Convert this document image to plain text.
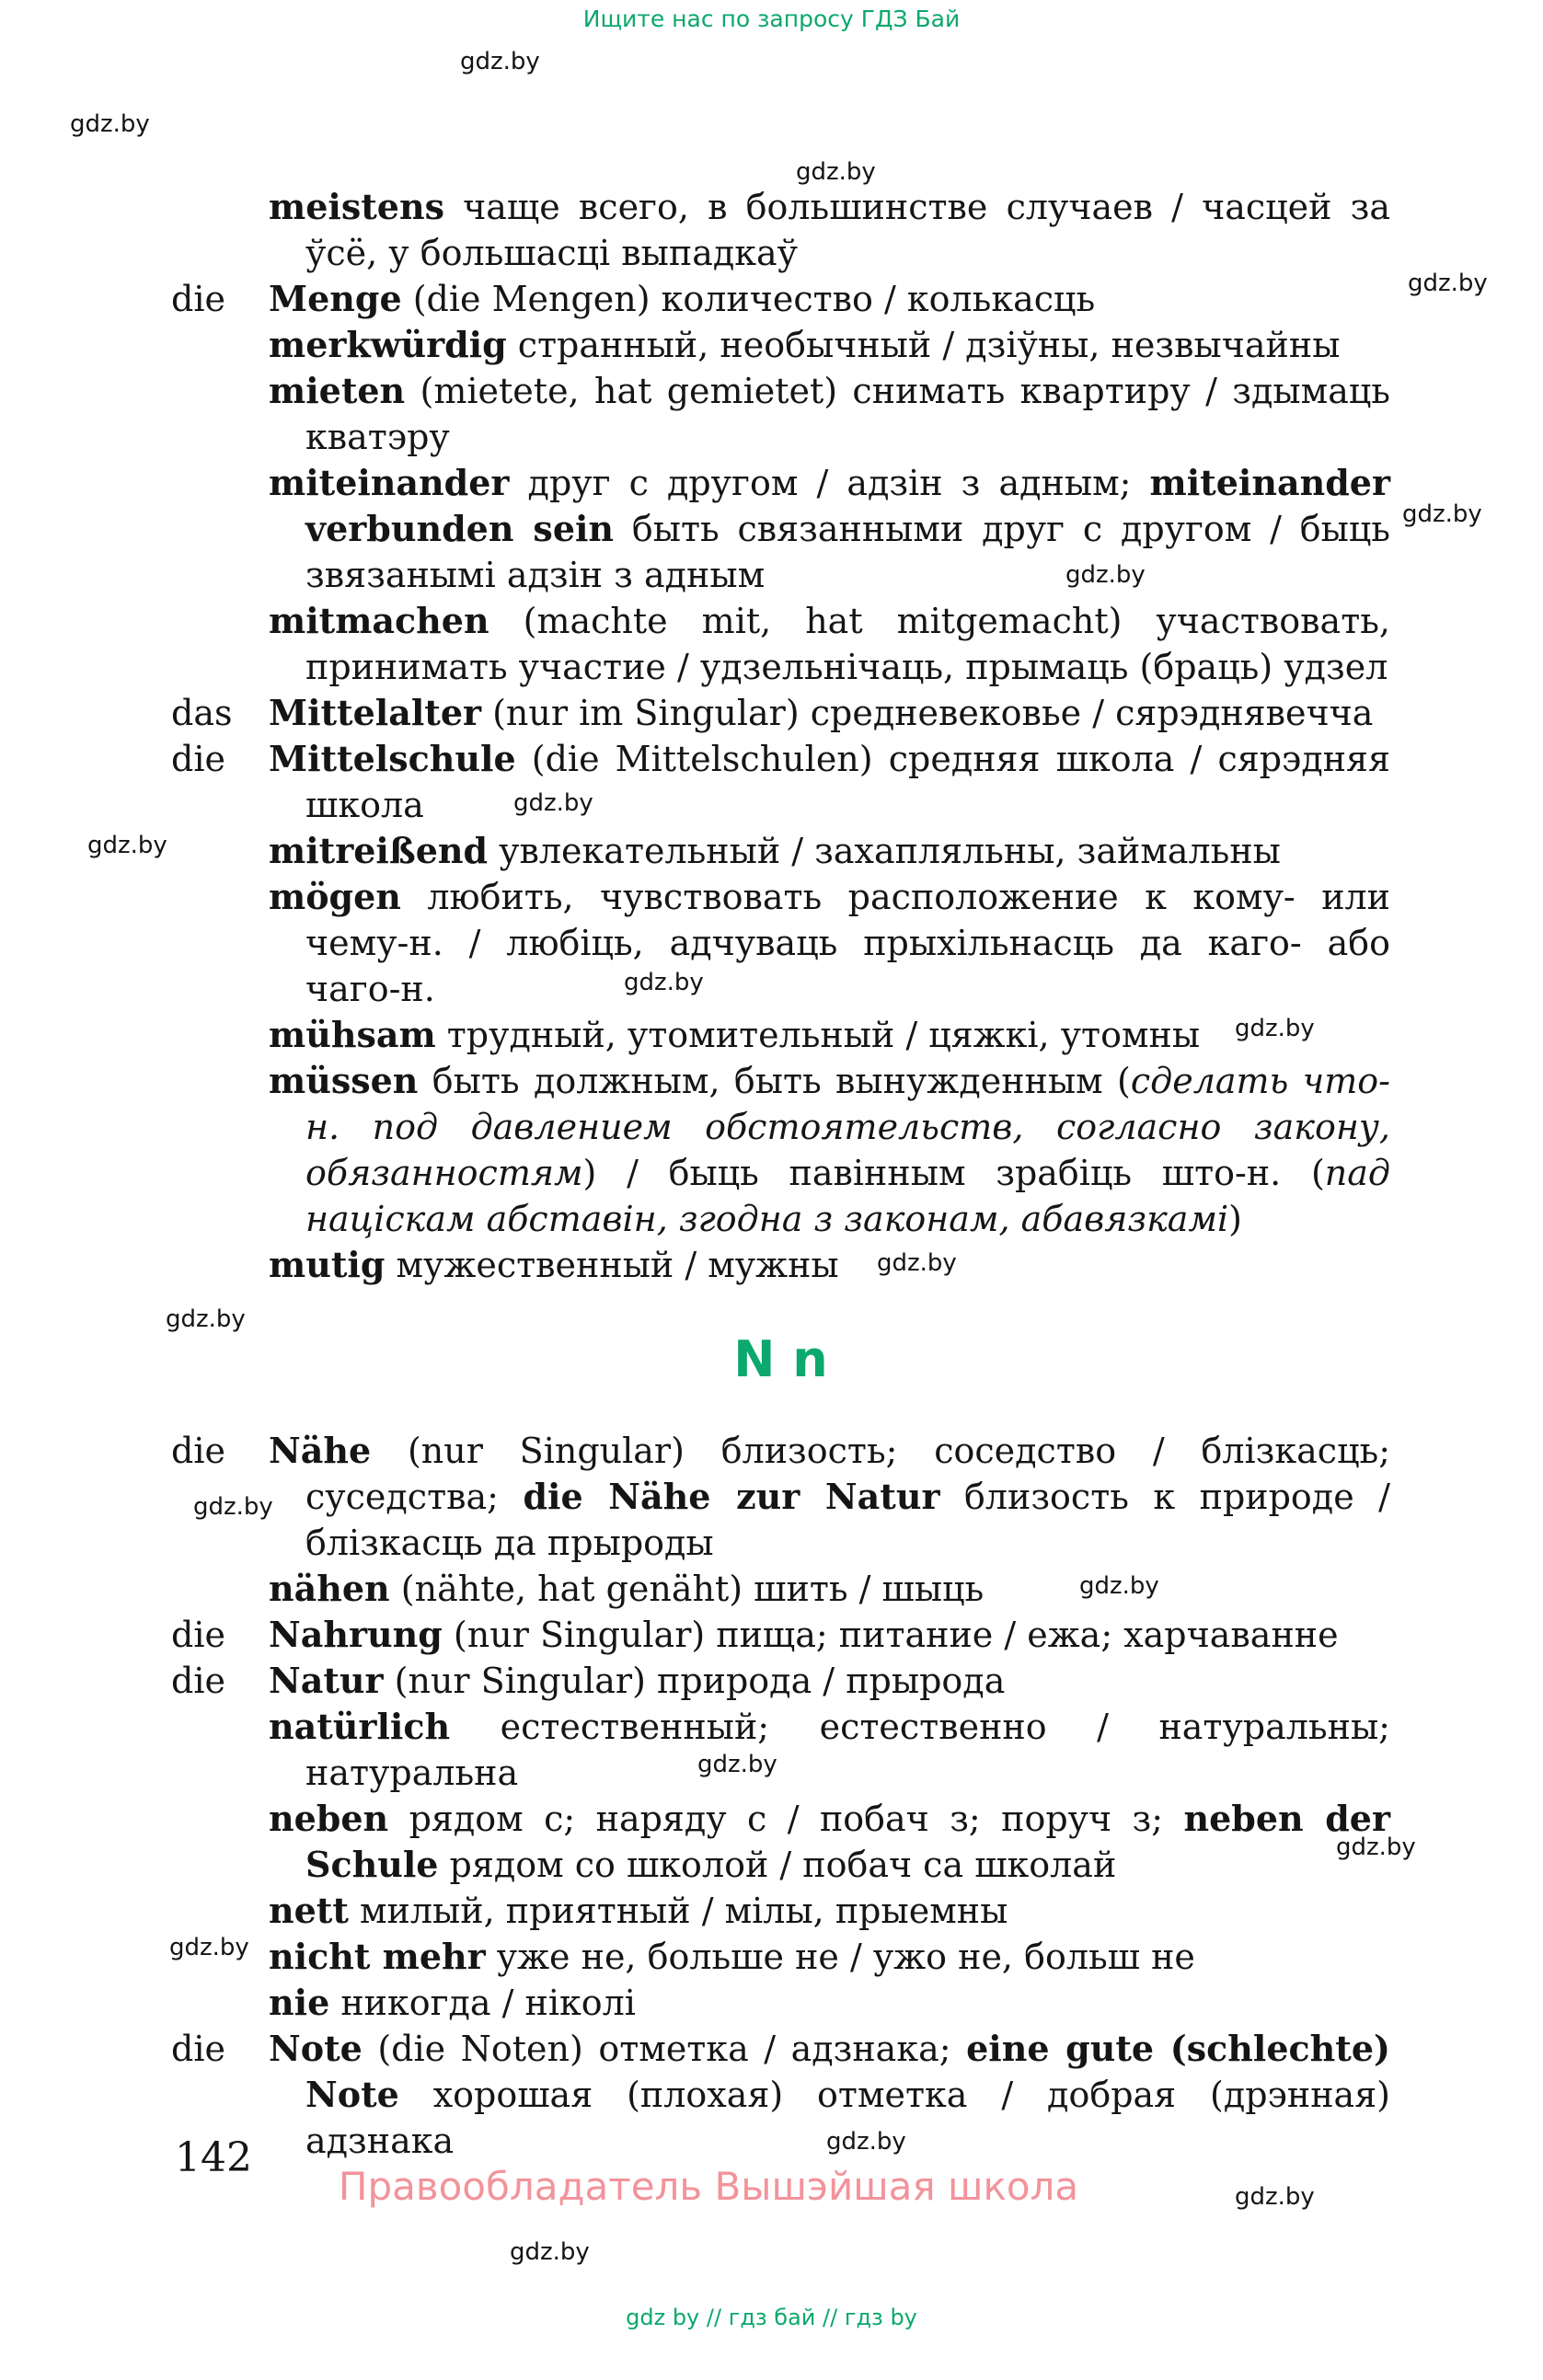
Ищите нас по запросу ГДЗ Бай
gdz.by
gdz.by
gdz.by
gdz.by
gdz.by
gdz.by
gdz.by
gdz.by
gdz.by
gdz.by
gdz.by
gdz.by
gdz.by
gdz.by
gdz.by
gdz.by
gdz.by
gdz.by
gdz.by
gdz.by

meistens чаще всего, в большинстве случаев / часцей за ўсё, у большасці выпадкаў

die	Menge (die Mengen) количество / колькасць

merkwürdig странный, необычный / дзіўны, незвычайны

mieten (mietete, hat gemietet) снимать квартиру / здымаць кватэру

miteinander друг с другом / адзін з адным; miteinander verbunden sein быть связанными друг с другом / быць звязанымі адзін з адным

mitmachen (machte mit, hat mitgemacht) участвовать, принимать участие / удзельнічаць, прымаць (браць) удзел

das	Mittelalter (nur im Singular) средневековье / сярэднявечча

die	Mittelschule (die Mittelschulen) средняя школа / сярэдняя школа

mitreißend увлекательный / захапляльны, займальны

mögen любить, чувствовать расположение к кому- или чему-н. / любіць, адчуваць прыхільнасць да каго- або чаго-н.

mühsam трудный, утомительный / цяжкі, утомны

müssen быть должным, быть вынужденным (сделать что-н. под давлением обстоятельств, согласно закону, обязанностям) / быць павінным зрабіць што-н. (пад націскам абставін, згодна з законам, абавязкамі)

mutig мужественный / мужны

N n
die	Nähe (nur Singular) близость; соседство / блізкасць; суседства; die Nähe zur Natur близость к природе / блізкасць да прыроды

nähen (nähte, hat genäht) шить / шыць

die	Nahrung (nur Singular) пища; питание / ежа; харчаванне

die	Natur (nur Singular) природа / прырода

natürlich естественный; естественно / натуральны; натуральна

neben рядом с; наряду с / побач з; поруч з; neben der Schule рядом со школой / побач са школай

nett милый, приятный / мілы, прыемны

nicht mehr уже не, больше не / ужо не, больш не

nie никогда / ніколі

die	Note (die Noten) отметка / адзнака; eine gute (schlechte) Note хорошая (плохая) отметка / добрая (дрэнная) адзнака

142
Правообладатель Вышэйшая школа
gdz by // гдз бай // гдз by
